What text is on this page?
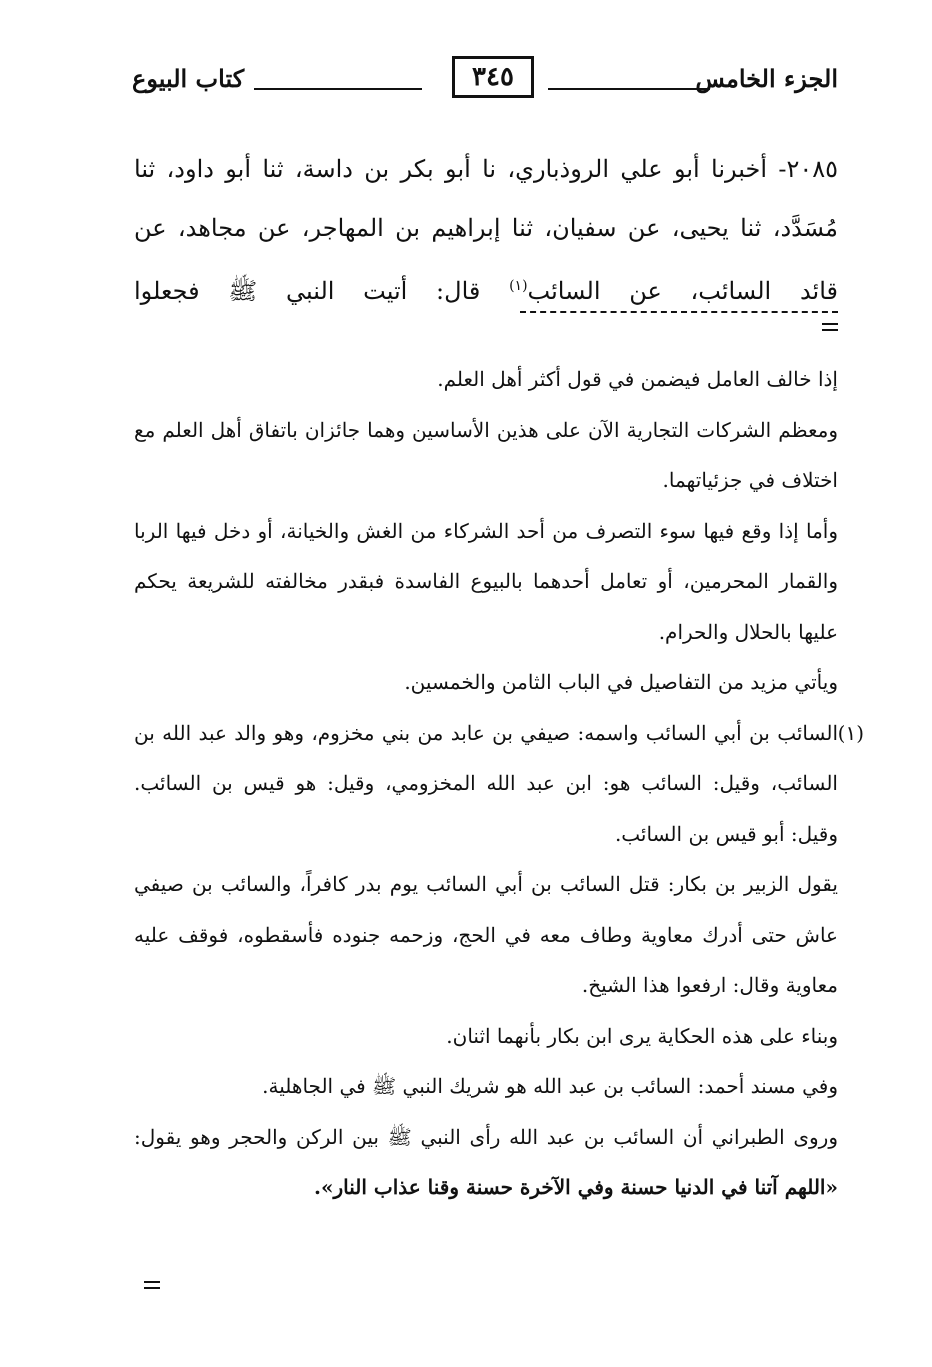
الجزء الخامس
٣٤٥
كتاب البيوع

٢٠٨٥- أخبرنا أبو علي الروذباري، نا أبو بكر بن داسة، ثنا أبو داود، ثنا مُسَدَّد، ثنا يحيى، عن سفيان، ثنا إبراهيم بن المهاجر، عن مجاهد، عن قائد السائب، عن السائب$^{(١)}$ قال: أتيت النبي ﷺ فجعلوا

إذا خالف العامل فيضمن في قول أكثر أهل العلم.

ومعظم الشركات التجارية الآن على هذين الأساسين وهما جائزان باتفاق أهل العلم مع اختلاف في جزئياتهما.

وأما إذا وقع فيها سوء التصرف من أحد الشركاء من الغش والخيانة، أو دخل فيها الربا والقمار المحرمين، أو تعامل أحدهما بالبيوع الفاسدة فبقدر مخالفته للشريعة يحكم عليها بالحلال والحرام.

ويأتي مزيد من التفاصيل في الباب الثامن والخمسين.

(١)
السائب بن أبي السائب واسمه: صيفي بن عابد من بني مخزوم، وهو والد عبد الله بن السائب، وقيل: السائب هو: ابن عبد الله المخزومي، وقيل: هو قيس بن السائب. وقيل: أبو قيس بن السائب.

يقول الزبير بن بكار: قتل السائب بن أبي السائب يوم بدر كافراً، والسائب بن صيفي عاش حتى أدرك معاوية وطاف معه في الحج، وزحمه جنوده فأسقطوه، فوقف عليه معاوية وقال: ارفعوا هذا الشيخ.

وبناء على هذه الحكاية يرى ابن بكار بأنهما اثنان.

وفي مسند أحمد: السائب بن عبد الله هو شريك النبي ﷺ في الجاهلية.

وروى الطبراني أن السائب بن عبد الله رأى النبي ﷺ بين الركن والحجر وهو يقول: «اللهم آتنا في الدنيا حسنة وفي الآخرة حسنة وقنا عذاب النار».
